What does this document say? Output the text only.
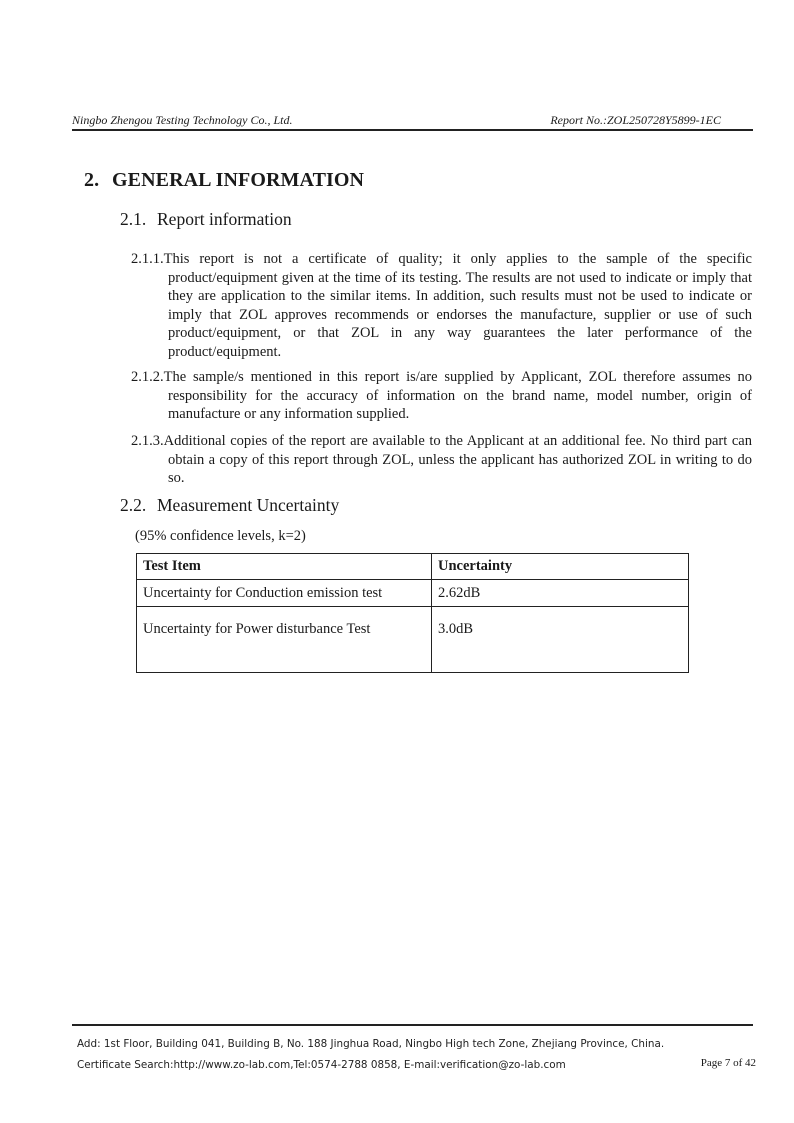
Ningbo Zhengou Testing Technology Co., Ltd.	Report No.:ZOL250728Y5899-1EC
2. GENERAL INFORMATION
2.1. Report information
2.1.1.This report is not a certificate of quality; it only applies to the sample of the specific product/equipment given at the time of its testing. The results are not used to indicate or imply that they are application to the similar items. In addition, such results must not be used to indicate or imply that ZOL approves recommends or endorses the manufacture, supplier or use of such product/equipment, or that ZOL in any way guarantees the later performance of the product/equipment.
2.1.2.The sample/s mentioned in this report is/are supplied by Applicant, ZOL therefore assumes no responsibility for the accuracy of information on the brand name, model number, origin of manufacture or any information supplied.
2.1.3.Additional copies of the report are available to the Applicant at an additional fee. No third part can obtain a copy of this report through ZOL, unless the applicant has authorized ZOL in writing to do so.
2.2. Measurement Uncertainty
(95% confidence levels, k=2)
Test Item	Uncertainty
Uncertainty for Conduction emission test	2.62dB
Uncertainty for Power disturbance Test	3.0dB
Add: 1st Floor, Building 041, Building B, No. 188 Jinghua Road, Ningbo High tech Zone, Zhejiang Province, China.
Certificate Search:http://www.zo-lab.com,Tel:0574-2788 0858, E-mail:verification@zo-lab.com	Page 7 of 42
